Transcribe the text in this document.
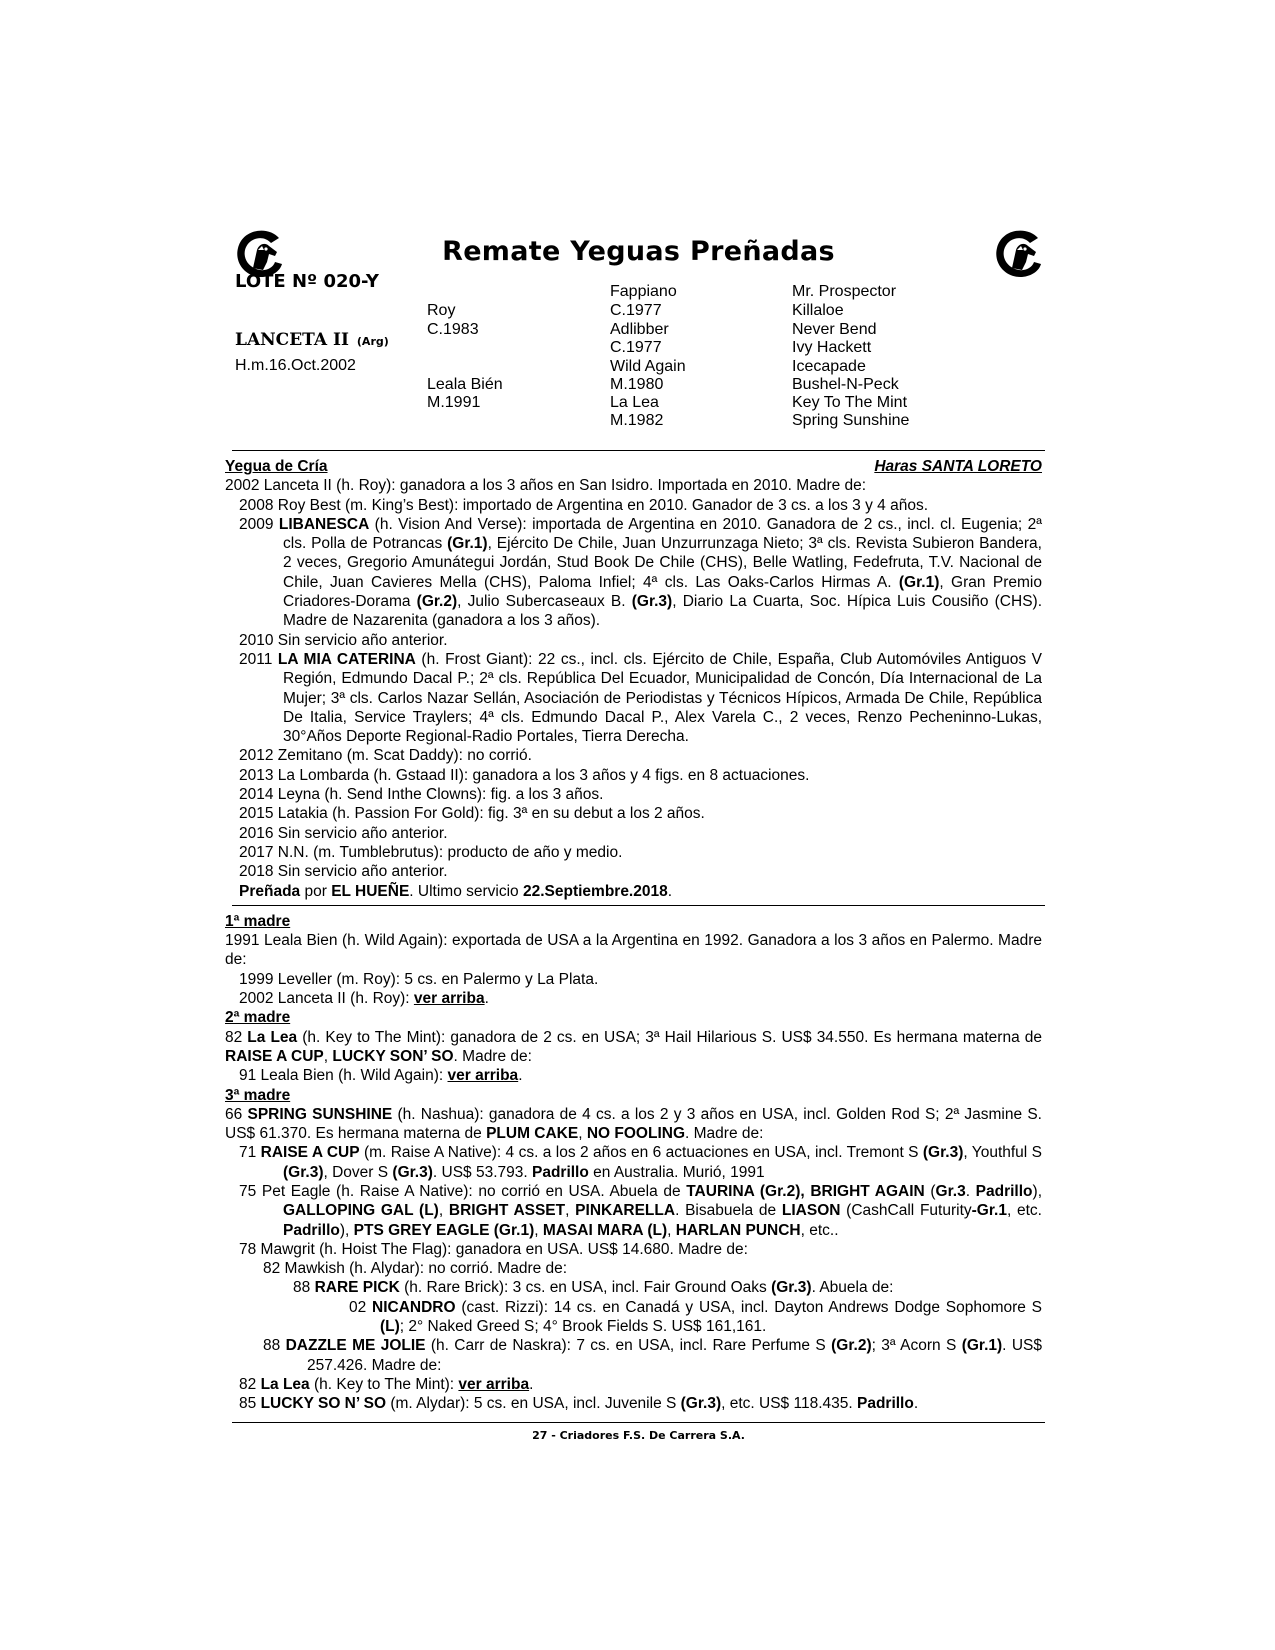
Remate Yeguas Preñadas
LOTE Nº 020-Y
LANCETA II (Arg)
H.m.16.Oct.2002
Roy
C.1983
Leala Bién
M.1991
Fappiano
C.1977
Adlibber
C.1977
Wild Again
M.1980
La Lea
M.1982
Mr. Prospector
Killaloe
Never Bend
Ivy Hackett
Icecapade
Bushel-N-Peck
Key To The Mint
Spring Sunshine
Yegua de Cría	Haras SANTA LORETO
2002 Lanceta II (h. Roy): ganadora a los 3 años en San Isidro. Importada en 2010. Madre de:
2008 Roy Best (m. King’s Best): importado de Argentina en 2010. Ganador de 3 cs. a los 3 y 4 años.
2009 LIBANESCA (h. Vision And Verse): importada de Argentina en 2010. Ganadora de 2 cs., incl. cl. Eugenia; 2ª cls. Polla de Potrancas (Gr.1), Ejército De Chile, Juan Unzurrunzaga Nieto; 3ª cls. Revista Subieron Bandera, 2 veces, Gregorio Amunátegui Jordán, Stud Book De Chile (CHS), Belle Watling, Fedefruta, T.V. Nacional de Chile, Juan Cavieres Mella (CHS), Paloma Infiel; 4ª cls. Las Oaks-Carlos Hirmas A. (Gr.1), Gran Premio Criadores-Dorama (Gr.2), Julio Subercaseaux B. (Gr.3), Diario La Cuarta, Soc. Hípica Luis Cousiño (CHS). Madre de Nazarenita (ganadora a los 3 años).
2010 Sin servicio año anterior.
2011 LA MIA CATERINA (h. Frost Giant): 22 cs., incl. cls. Ejército de Chile, España, Club Automóviles Antiguos V Región, Edmundo Dacal P.; 2ª cls. República Del Ecuador, Municipalidad de Concón, Día Internacional de La Mujer; 3ª cls. Carlos Nazar Sellán, Asociación de Periodistas y Técnicos Hípicos, Armada De Chile, República De Italia, Service Traylers; 4ª cls. Edmundo Dacal P., Alex Varela C., 2 veces, Renzo Pecheninno-Lukas, 30°Años Deporte Regional-Radio Portales, Tierra Derecha.
2012 Zemitano (m. Scat Daddy): no corrió.
2013 La Lombarda (h. Gstaad II): ganadora a los 3 años y 4 figs. en 8 actuaciones.
2014 Leyna (h. Send Inthe Clowns): fig. a los 3 años.
2015 Latakia (h. Passion For Gold): fig. 3ª en su debut a los 2 años.
2016 Sin servicio año anterior.
2017 N.N. (m. Tumblebrutus): producto de año y medio.
2018 Sin servicio año anterior.
Preñada por EL HUEÑE. Ultimo servicio 22.Septiembre.2018.
1ª madre
1991 Leala Bien (h. Wild Again): exportada de USA a la Argentina en 1992. Ganadora a los 3 años en Palermo. Madre de:
1999 Leveller (m. Roy): 5 cs. en Palermo y La Plata.
2002 Lanceta II (h. Roy): ver arriba.
2ª madre
82 La Lea (h. Key to The Mint): ganadora de 2 cs. en USA; 3ª Hail Hilarious S. US$ 34.550. Es hermana materna de RAISE A CUP, LUCKY SON’ SO. Madre de:
91 Leala Bien (h. Wild Again): ver arriba.
3ª madre
66 SPRING SUNSHINE (h. Nashua): ganadora de 4 cs. a los 2 y 3 años en USA, incl. Golden Rod S; 2ª Jasmine S. US$ 61.370. Es hermana materna de PLUM CAKE, NO FOOLING. Madre de:
71 RAISE A CUP (m. Raise A Native): 4 cs. a los 2 años en 6 actuaciones en USA, incl. Tremont S (Gr.3), Youthful S (Gr.3), Dover S (Gr.3). US$ 53.793. Padrillo en Australia. Murió, 1991
75 Pet Eagle (h. Raise A Native): no corrió en USA. Abuela de TAURINA (Gr.2), BRIGHT AGAIN (Gr.3. Padrillo), GALLOPING GAL (L), BRIGHT ASSET, PINKARELLA. Bisabuela de LIASON (CashCall Futurity-Gr.1, etc. Padrillo), PTS GREY EAGLE (Gr.1), MASAI MARA (L), HARLAN PUNCH, etc..
78 Mawgrit (h. Hoist The Flag): ganadora en USA. US$ 14.680. Madre de:
82 Mawkish (h. Alydar): no corrió. Madre de:
88 RARE PICK (h. Rare Brick): 3 cs. en USA, incl. Fair Ground Oaks (Gr.3). Abuela de:
02 NICANDRO (cast. Rizzi): 14 cs. en Canadá y USA, incl. Dayton Andrews Dodge Sophomore S (L); 2° Naked Greed S; 4° Brook Fields S. US$ 161,161.
88 DAZZLE ME JOLIE (h. Carr de Naskra): 7 cs. en USA, incl. Rare Perfume S (Gr.2); 3ª Acorn S (Gr.1). US$ 257.426. Madre de:
82 La Lea (h. Key to The Mint): ver arriba.
85 LUCKY SO N’ SO (m. Alydar): 5 cs. en USA, incl. Juvenile S (Gr.3), etc. US$ 118.435. Padrillo.
27 - Criadores F.S. De Carrera S.A.
